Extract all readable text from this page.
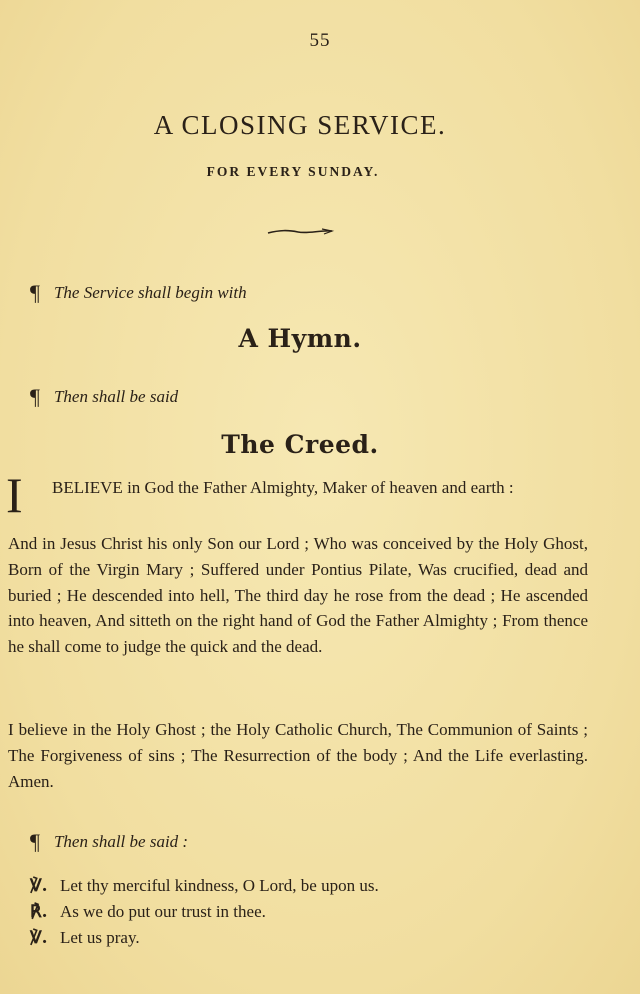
55
A CLOSING SERVICE.
FOR EVERY SUNDAY.
¶ The Service shall begin with
A Hymn.
¶ Then shall be said
The Creed.
I BELIEVE in God the Father Almighty, Maker of heaven and earth :
And in Jesus Christ his only Son our Lord ; Who was conceived by the Holy Ghost, Born of the Virgin Mary ; Suffered under Pontius Pilate, Was crucified, dead and buried ; He descended into hell, The third day he rose from the dead ; He ascended into heaven, And sitteth on the right hand of God the Father Almighty ; From thence he shall come to judge the quick and the dead.
I believe in the Holy Ghost ; the Holy Catholic Church, The Communion of Saints ; The Forgiveness of sins ; The Resurrection of the body ; And the Life everlasting. Amen.
¶ Then shall be said :
℣. Let thy merciful kindness, O Lord, be upon us.
℟. As we do put our trust in thee.
℣. Let us pray.
